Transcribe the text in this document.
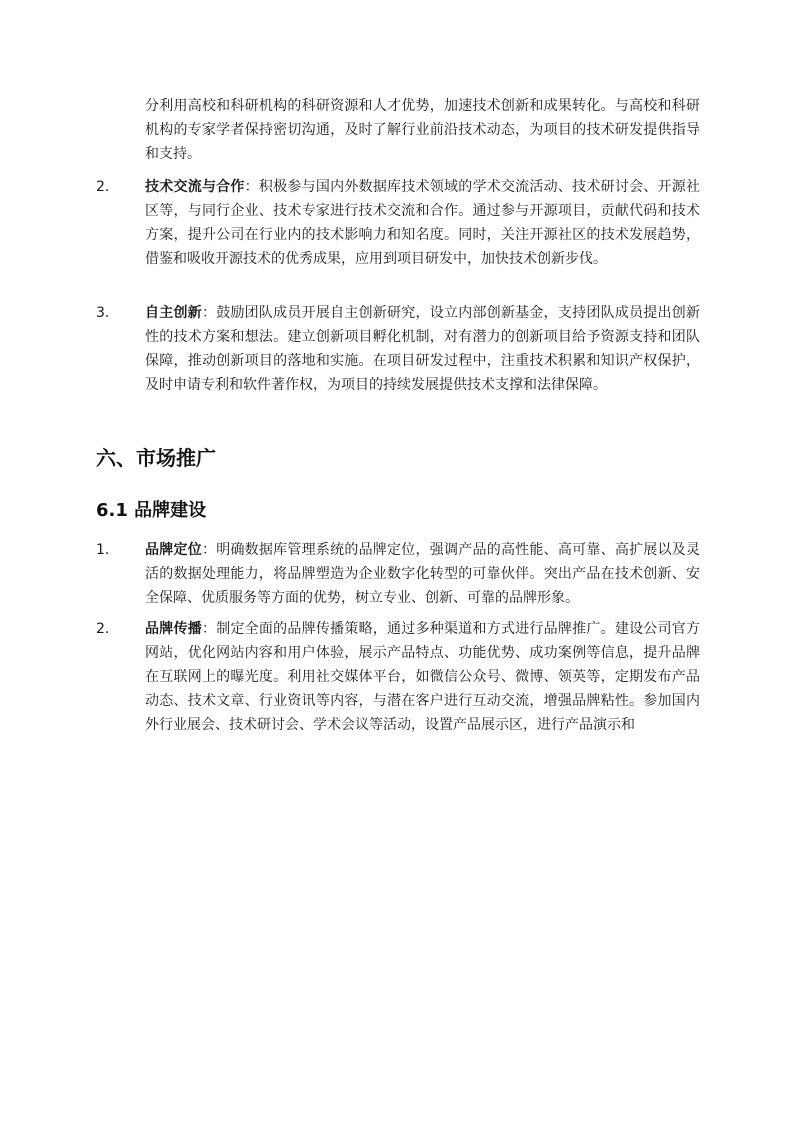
分利用高校和科研机构的科研资源和人才优势，加速技术创新和成果转化。与高校和科研机构的专家学者保持密切沟通，及时了解行业前沿技术动态，为项目的技术研发提供指导和支持。
2.	技术交流与合作：积极参与国内外数据库技术领域的学术交流活动、技术研讨会、开源社区等，与同行企业、技术专家进行技术交流和合作。通过参与开源项目，贡献代码和技术方案，提升公司在行业内的技术影响力和知名度。同时，关注开源社区的技术发展趋势，借鉴和吸收开源技术的优秀成果，应用到项目研发中，加快技术创新步伐。
3.	自主创新：鼓励团队成员开展自主创新研究，设立内部创新基金，支持团队成员提出创新性的技术方案和想法。建立创新项目孵化机制，对有潜力的创新项目给予资源支持和团队保障，推动创新项目的落地和实施。在项目研发过程中，注重技术积累和知识产权保护，及时申请专利和软件著作权，为项目的持续发展提供技术支撑和法律保障。
六、市场推广
6.1 品牌建设
1.	品牌定位：明确数据库管理系统的品牌定位，强调产品的高性能、高可靠、高扩展以及灵活的数据处理能力，将品牌塑造为企业数字化转型的可靠伙伴。突出产品在技术创新、安全保障、优质服务等方面的优势，树立专业、创新、可靠的品牌形象。
2.	品牌传播：制定全面的品牌传播策略，通过多种渠道和方式进行品牌推广。建设公司官方网站，优化网站内容和用户体验，展示产品特点、功能优势、成功案例等信息，提升品牌在互联网上的曝光度。利用社交媒体平台，如微信公众号、微博、领英等，定期发布产品动态、技术文章、行业资讯等内容，与潜在客户进行互动交流，增强品牌粘性。参加国内外行业展会、技术研讨会、学术会议等活动，设置产品展示区，进行产品演示和
